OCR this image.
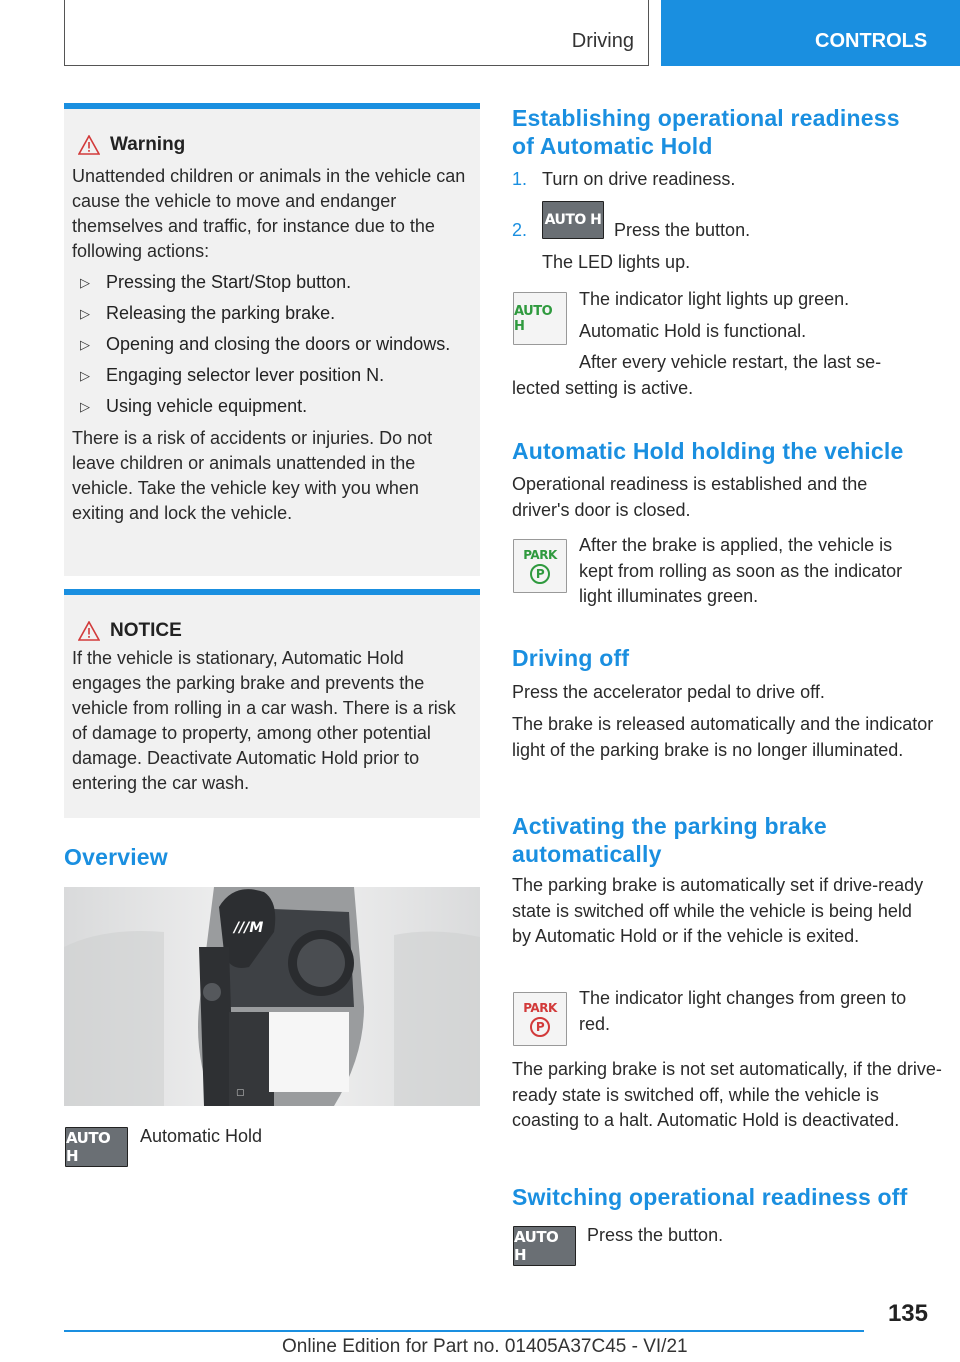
Driving	CONTROLS
Warning

Unattended children or animals in the vehicle can cause the vehicle to move and endanger themselves and traffic, for instance due to the following actions:

▷ Pressing the Start/Stop button.
▷ Releasing the parking brake.
▷ Opening and closing the doors or windows.
▷ Engaging selector lever position N.
▷ Using vehicle equipment.

There is a risk of accidents or injuries. Do not leave children or animals unattended in the vehicle. Take the vehicle key with you when exiting and lock the vehicle.

NOTICE

If the vehicle is stationary, Automatic Hold engages the parking brake and prevents the vehicle from rolling in a car wash. There is a risk of damage to property, among other potential damage. Deactivate Automatic Hold prior to entering the car wash.

Overview
///M
▢
AUTO H
Automatic Hold
Establishing operational readiness
of Automatic Hold
1. Turn on drive readiness.
2. AUTO H Press the button.
The LED lights up.
AUTO H
The indicator light lights up green.
Automatic Hold is functional.
After every vehicle restart, the last se-
lected setting is active.
Automatic Hold holding the vehicle
Operational readiness is established and the driver's door is closed.
PARK
P
After the brake is applied, the vehicle is kept from rolling as soon as the indicator light illuminates green.
Driving off
Press the accelerator pedal to drive off.
The brake is released automatically and the indicator light of the parking brake is no longer illuminated.
Activating the parking brake
automatically
The parking brake is automatically set if drive-ready state is switched off while the vehicle is being held by Automatic Hold or if the vehicle is exited.
PARK
P
The indicator light changes from green to red.
The parking brake is not set automatically, if the drive-ready state is switched off, while the vehicle is coasting to a halt. Automatic Hold is deactivated.
Switching operational readiness off
AUTO H
Press the button.
135
Online Edition for Part no. 01405A37C45 - VI/21
